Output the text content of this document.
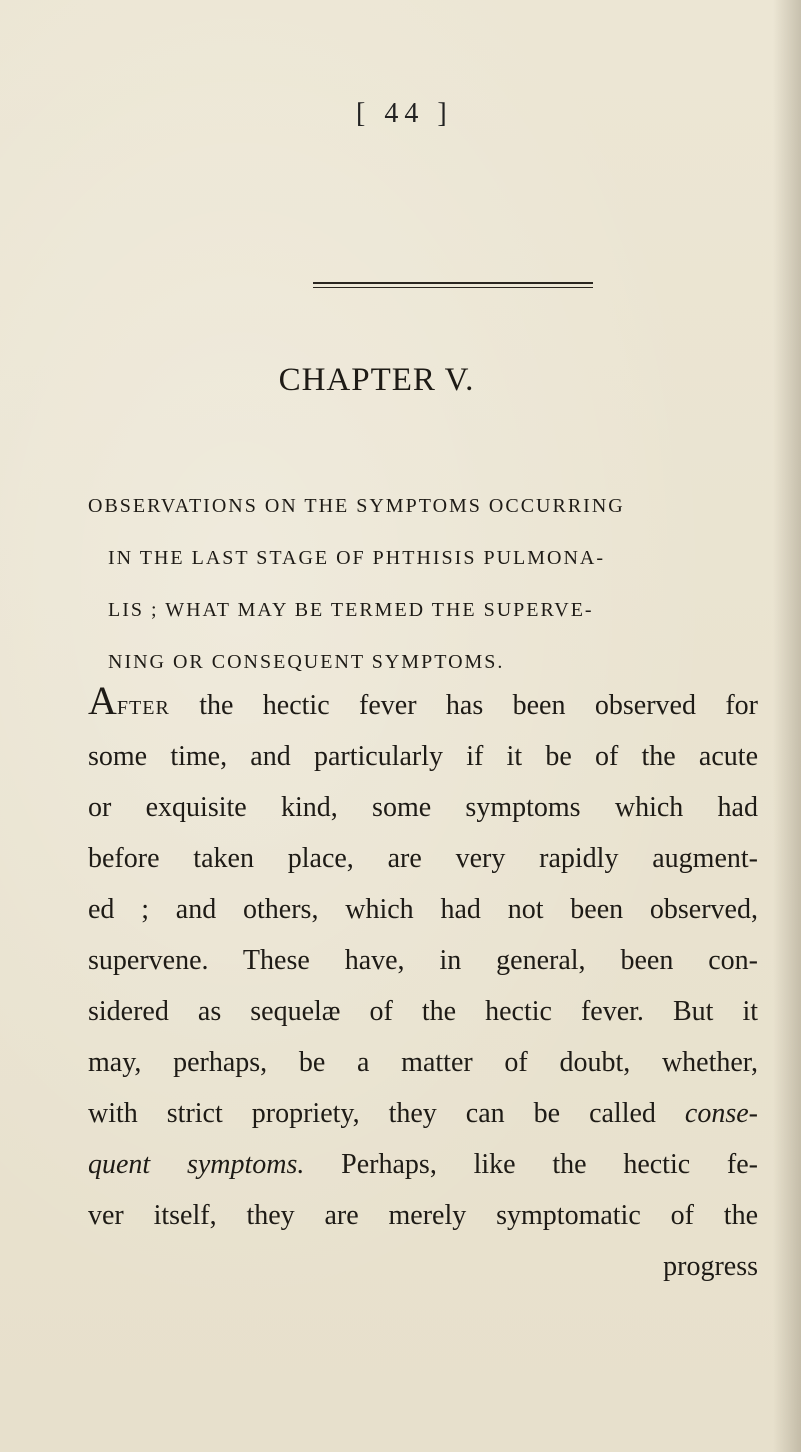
[ 44 ]
CHAPTER V.
OBSERVATIONS ON THE SYMPTOMS OCCURRING
IN THE LAST STAGE OF PHTHISIS PULMONA-
LIS ; WHAT MAY BE TERMED THE SUPERVE-
NING OR CONSEQUENT SYMPTOMS.
After the hectic fever has been observed for
some time, and particularly if it be of the acute
or exquisite kind, some symptoms which had
before taken place, are very rapidly augment-
ed ; and others, which had not been observed,
supervene. These have, in general, been con-
sidered as sequelæ of the hectic fever. But it
may, perhaps, be a matter of doubt, whether,
with strict propriety, they can be called conse-
quent symptoms. Perhaps, like the hectic fe-
ver itself, they are merely symptomatic of the
progress
